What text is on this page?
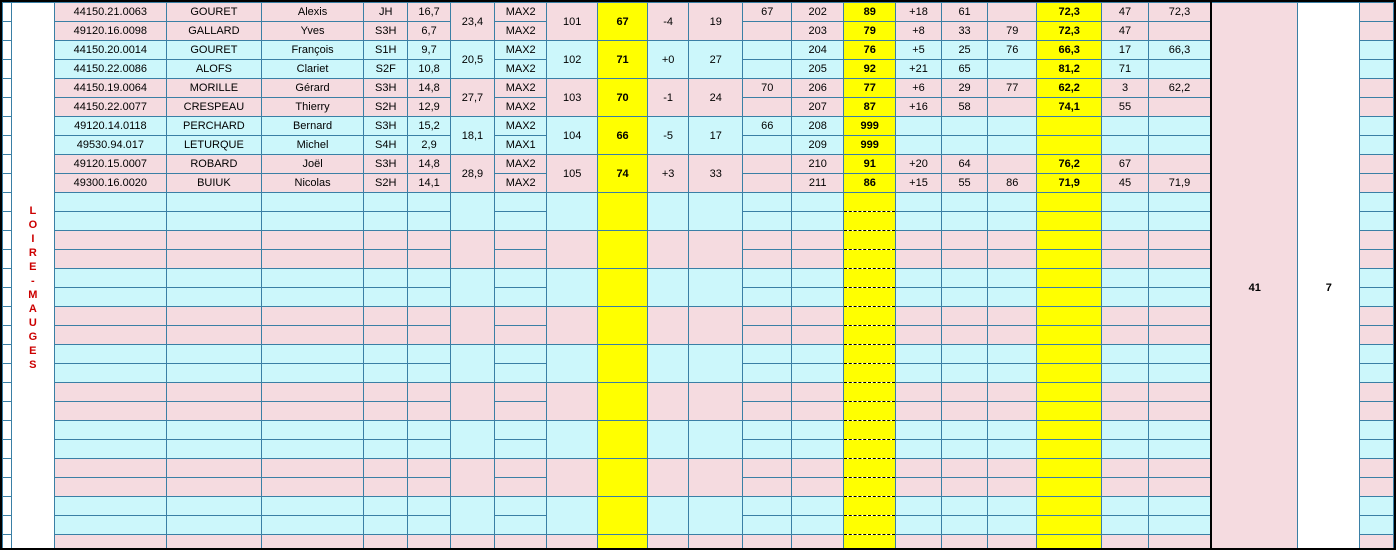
L
O
I
R
E
-
M
A
U
G
E
S
	44150.21.0063	GOURET	Alexis	JH	16,7	23,4	MAX2	101	67	-4	19	67	202	89	+18	61		72,3	47	72,3	41	7	
		49120.16.0098	GALLARD	Yves	S3H	6,7		MAX2						203	79	+8	33	79	72,3	47				
		44150.20.0014	GOURET	François	S1H	9,7	20,5	MAX2	102	71	+0	27		204	76	+5	25	76	66,3	17	66,3			
		44150.22.0086	ALOFS	Clariet	S2F	10,8		MAX2						205	92	+21	65		81,2	71				
		44150.19.0064	MORILLE	Gérard	S3H	14,8	27,7	MAX2	103	70	-1	24	70	206	77	+6	29	77	62,2	3	62,2			
		44150.22.0077	CRESPEAU	Thierry	S2H	12,9		MAX2						207	87	+16	58		74,1	55				
		49120.14.0118	PERCHARD	Bernard	S3H	15,2	18,1	MAX2	104	66	-5	17	66	208	999									
		49530.94.017	LETURQUE	Michel	S4H	2,9		MAX1						209	999									
		49120.15.0007	ROBARD	Joël	S3H	14,8	28,9	MAX2	105	74	+3	33		210	91	+20	64		76,2	67				
		49300.16.0020	BUIUK	Nicolas	S2H	14,1		MAX2						211	86	+15	55	86	71,9	45	71,9			
